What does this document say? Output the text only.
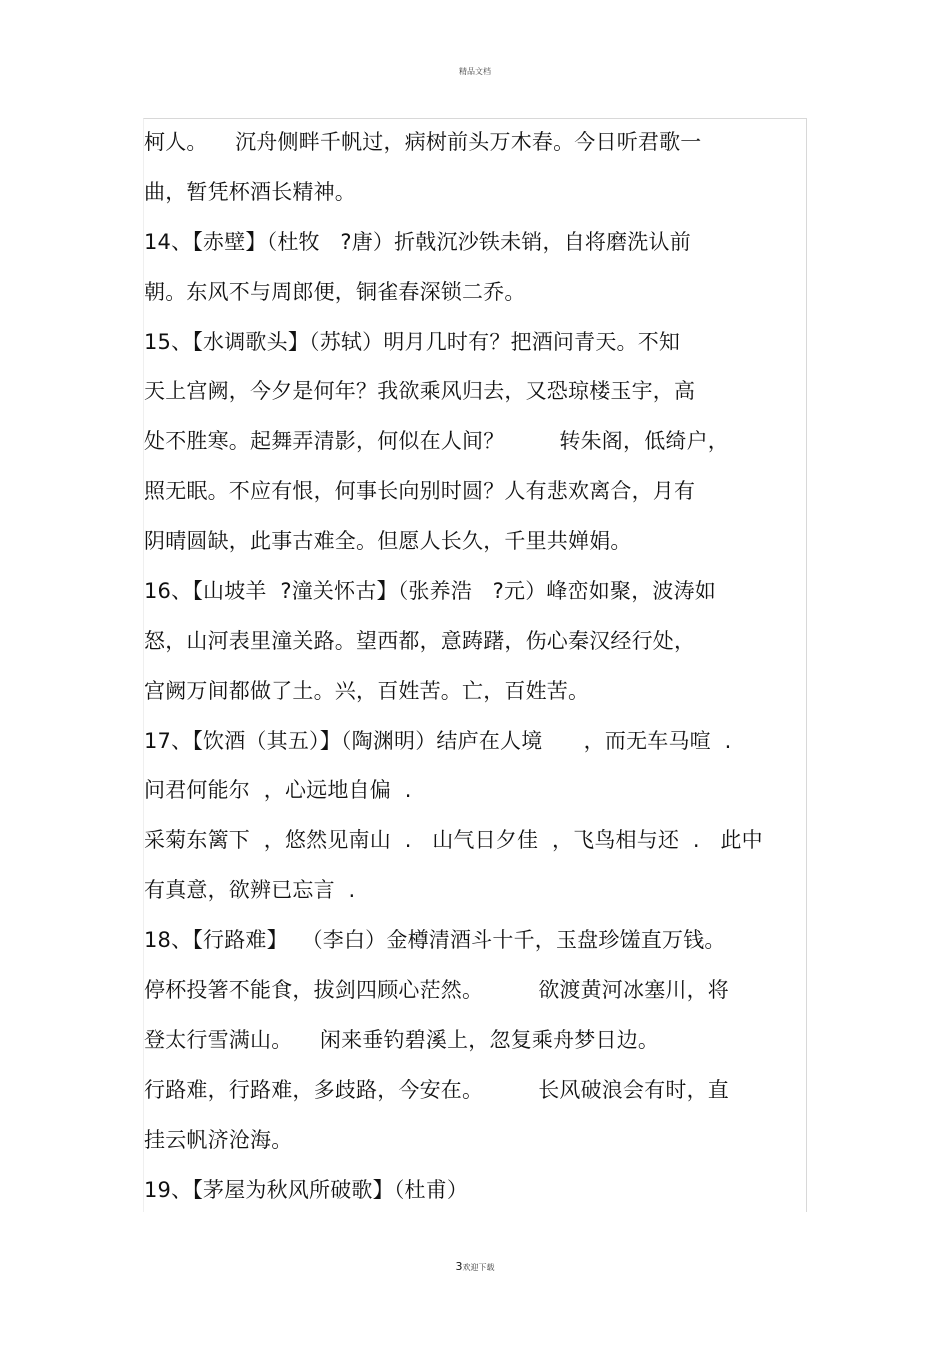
精品文档
柯人。    沉舟侧畔千帆过，病树前头万木春。今日听君歌一
曲，暂凭杯酒长精神。
14、【赤壁】（杜牧   ?唐）折戟沉沙铁未销，自将磨洗认前
朝。东风不与周郎便，铜雀春深锁二乔。
15、【水调歌头】（苏轼）明月几时有？把酒问青天。不知
天上宫阙，今夕是何年？我欲乘风归去，又恐琼楼玉宇，高
处不胜寒。起舞弄清影，何似在人间？        转朱阁，低绮户，
照无眠。不应有恨，何事长向别时圆？人有悲欢离合，月有
阴晴圆缺，此事古难全。但愿人长久，千里共婵娟。
16、【山坡羊  ?潼关怀古】（张养浩   ?元）峰峦如聚，波涛如
怒，山河表里潼关路。望西都，意踌躇，伤心秦汉经行处，
宫阙万间都做了土。兴，百姓苦。亡，百姓苦。
17、【饮酒（其五）】（陶渊明）结庐在人境      ，而无车马喧  .
问君何能尔  ，心远地自偏  .
采菊东篱下  ，悠然见南山  .   山气日夕佳  ，飞鸟相与还  .   此中
有真意，欲辨已忘言  .
18、【行路难】  （李白）金樽清酒斗十千，玉盘珍馐直万钱。
停杯投箸不能食，拔剑四顾心茫然。        欲渡黄河冰塞川，将
登太行雪满山。    闲来垂钓碧溪上，忽复乘舟梦日边。
行路难，行路难，多歧路，今安在。        长风破浪会有时，直
挂云帆济沧海。
19、【茅屋为秋风所破歌】（杜甫）
3欢迎下载
